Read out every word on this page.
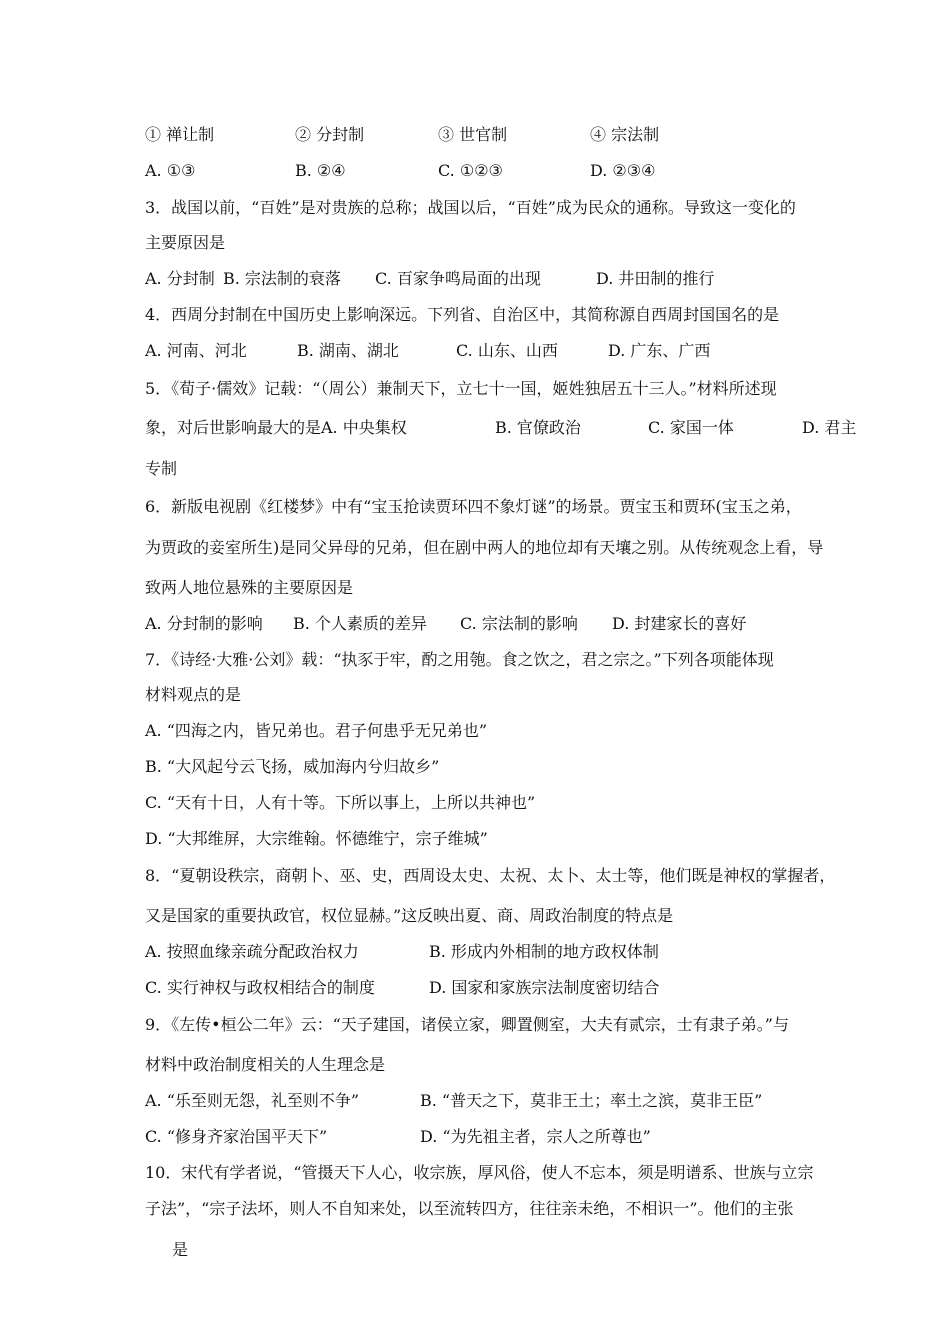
① 禅让制	② 分封制	③ 世官制	④ 宗法制
A. ①③	B. ②④	C. ①②③	D. ②③④
3．战国以前，“百姓”是对贵族的总称；战国以后，“百姓”成为民众的通称。导致这一变化的
主要原因是
A. 分封制 B. 宗法制的衰落 C. 百家争鸣局面的出现	D. 井田制的推行
4．西周分封制在中国历史上影响深远。下列省、自治区中，其简称源自西周封国国名的是
A. 河南、河北	B. 湖南、湖北	C. 山东、山西	D. 广东、广西
5．《荀子·儒效》记载：“（周公）兼制天下，立七十一国，姬姓独居五十三人。”材料所述现
象，对后世影响最大的是A. 中央集权	B. 官僚政治	C. 家国一体	D. 君主
专制
6．新版电视剧《红楼梦》中有“宝玉抢读贾环四不象灯谜”的场景。贾宝玉和贾环(宝玉之弟，
为贾政的妾室所生)是同父异母的兄弟，但在剧中两人的地位却有天壤之别。从传统观念上看，导
致两人地位悬殊的主要原因是
A. 分封制的影响 B. 个人素质的差异 C. 宗法制的影响 D. 封建家长的喜好
7．《诗经·大雅·公刘》载：“执豕于牢，酌之用匏。食之饮之，君之宗之。”下列各项能体现
材料观点的是
A. “四海之内，皆兄弟也。君子何患乎无兄弟也”
B. “大风起兮云飞扬，威加海内兮归故乡”
C. “天有十日，人有十等。下所以事上，上所以共神也”
D. “大邦维屏，大宗维翰。怀德维宁，宗子维城”
8．“夏朝设秩宗，商朝卜、巫、史，西周设太史、太祝、太卜、太士等，他们既是神权的掌握者，
又是国家的重要执政官，权位显赫。”这反映出夏、商、周政治制度的特点是
A. 按照血缘亲疏分配政治权力	B. 形成内外相制的地方政权体制
C. 实行神权与政权相结合的制度	D. 国家和家族宗法制度密切结合
9．《左传•桓公二年》云：“天子建国，诸侯立家，卿置侧室，大夫有贰宗，士有隶子弟。”与
材料中政治制度相关的人生理念是
A. “乐至则无怨，礼至则不争”	B. “普天之下，莫非王土；率土之滨，莫非王臣”
C. “修身齐家治国平天下”	D. “为先祖主者，宗人之所尊也”
10．宋代有学者说，“管摄天下人心，收宗族，厚风俗，使人不忘本，须是明谱系、世族与立宗
子法”，“宗子法坏，则人不自知来处，以至流转四方，往往亲未绝，不相识一”。他们的主张
是
